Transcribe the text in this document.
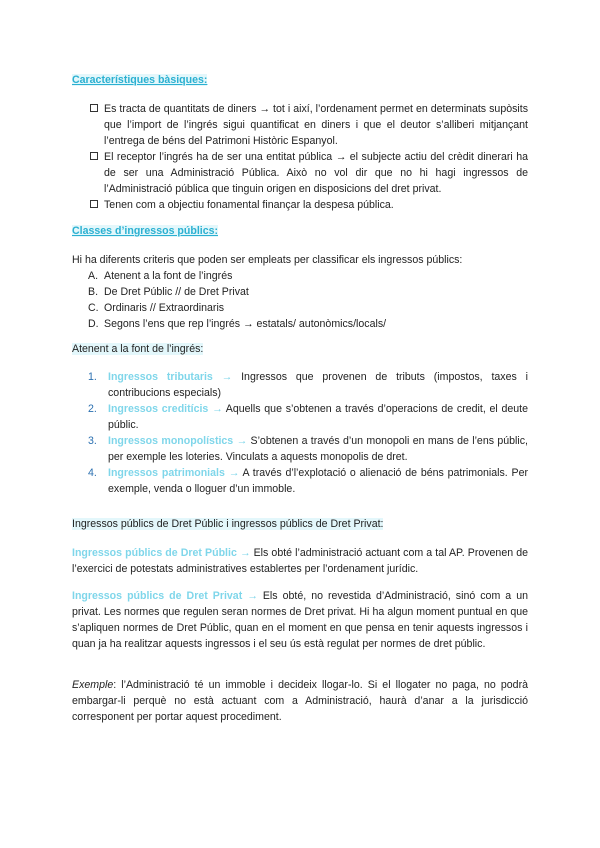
Característiques bàsiques:
Es tracta de quantitats de diners → tot i així, l’ordenament permet en determinats supòsits que l’import de l’ingrés sigui quantificat en diners i que el deutor s’alliberi mitjançant l’entrega de béns del Patrimoni Històric Espanyol.
El receptor l’ingrés ha de ser una entitat pública → el subjecte actiu del crèdit dinerari ha de ser una Administració Pública. Això no vol dir que no hi hagi ingressos de l’Administració pública que tinguin origen en disposicions del dret privat.
Tenen com a objectiu fonamental finançar la despesa pública.
Classes d’ingressos públics:

Hi ha diferents criteris que poden ser empleats per classificar els ingressos públics:

A. Atenent a la font de l’ingrés
B. De Dret Públic // de Dret Privat
C. Ordinaris // Extraordinaris
D. Segons l’ens que rep l’ingrés → estatals/ autonòmics/locals/
Atenent a la font de l’ingrés:
1. Ingressos tributaris → Ingressos que provenen de tributs (impostos, taxes i contribucions especials)
2. Ingressos creditícis → Aquells que s’obtenen a través d’operacions de credit, el deute públic.
3. Ingressos monopolístics → S’obtenen a través d’un monopoli en mans de l’ens públic, per exemple les loteries. Vinculats a aquests monopolis de dret.
4. Ingressos patrimonials → A través d’l’explotació o alienació de béns patrimonials. Per exemple, venda o lloguer d’un immoble.
Ingressos públics de Dret Públic i ingressos públics de Dret Privat:

Ingressos públics de Dret Públic → Els obté l’administració actuant com a tal AP. Provenen de l’exercici de potestats administratives establertes per l’ordenament jurídic.

Ingressos públics de Dret Privat → Els obté, no revestida d’Administració, sinó com a un privat. Les normes que regulen seran normes de Dret privat. Hi ha algun moment puntual en que s’apliquen normes de Dret Públic, quan en el moment en que pensa en tenir aquests ingressos i quan ja ha realitzar aquests ingressos i el seu ús està regulat per normes de dret públic.

Exemple: l’Administració té un immoble i decideix llogar-lo. Si el llogater no paga, no podrà embargar-li perquè no està actuant com a Administració, haurà d’anar a la jurisdicció corresponent per portar aquest procediment.
